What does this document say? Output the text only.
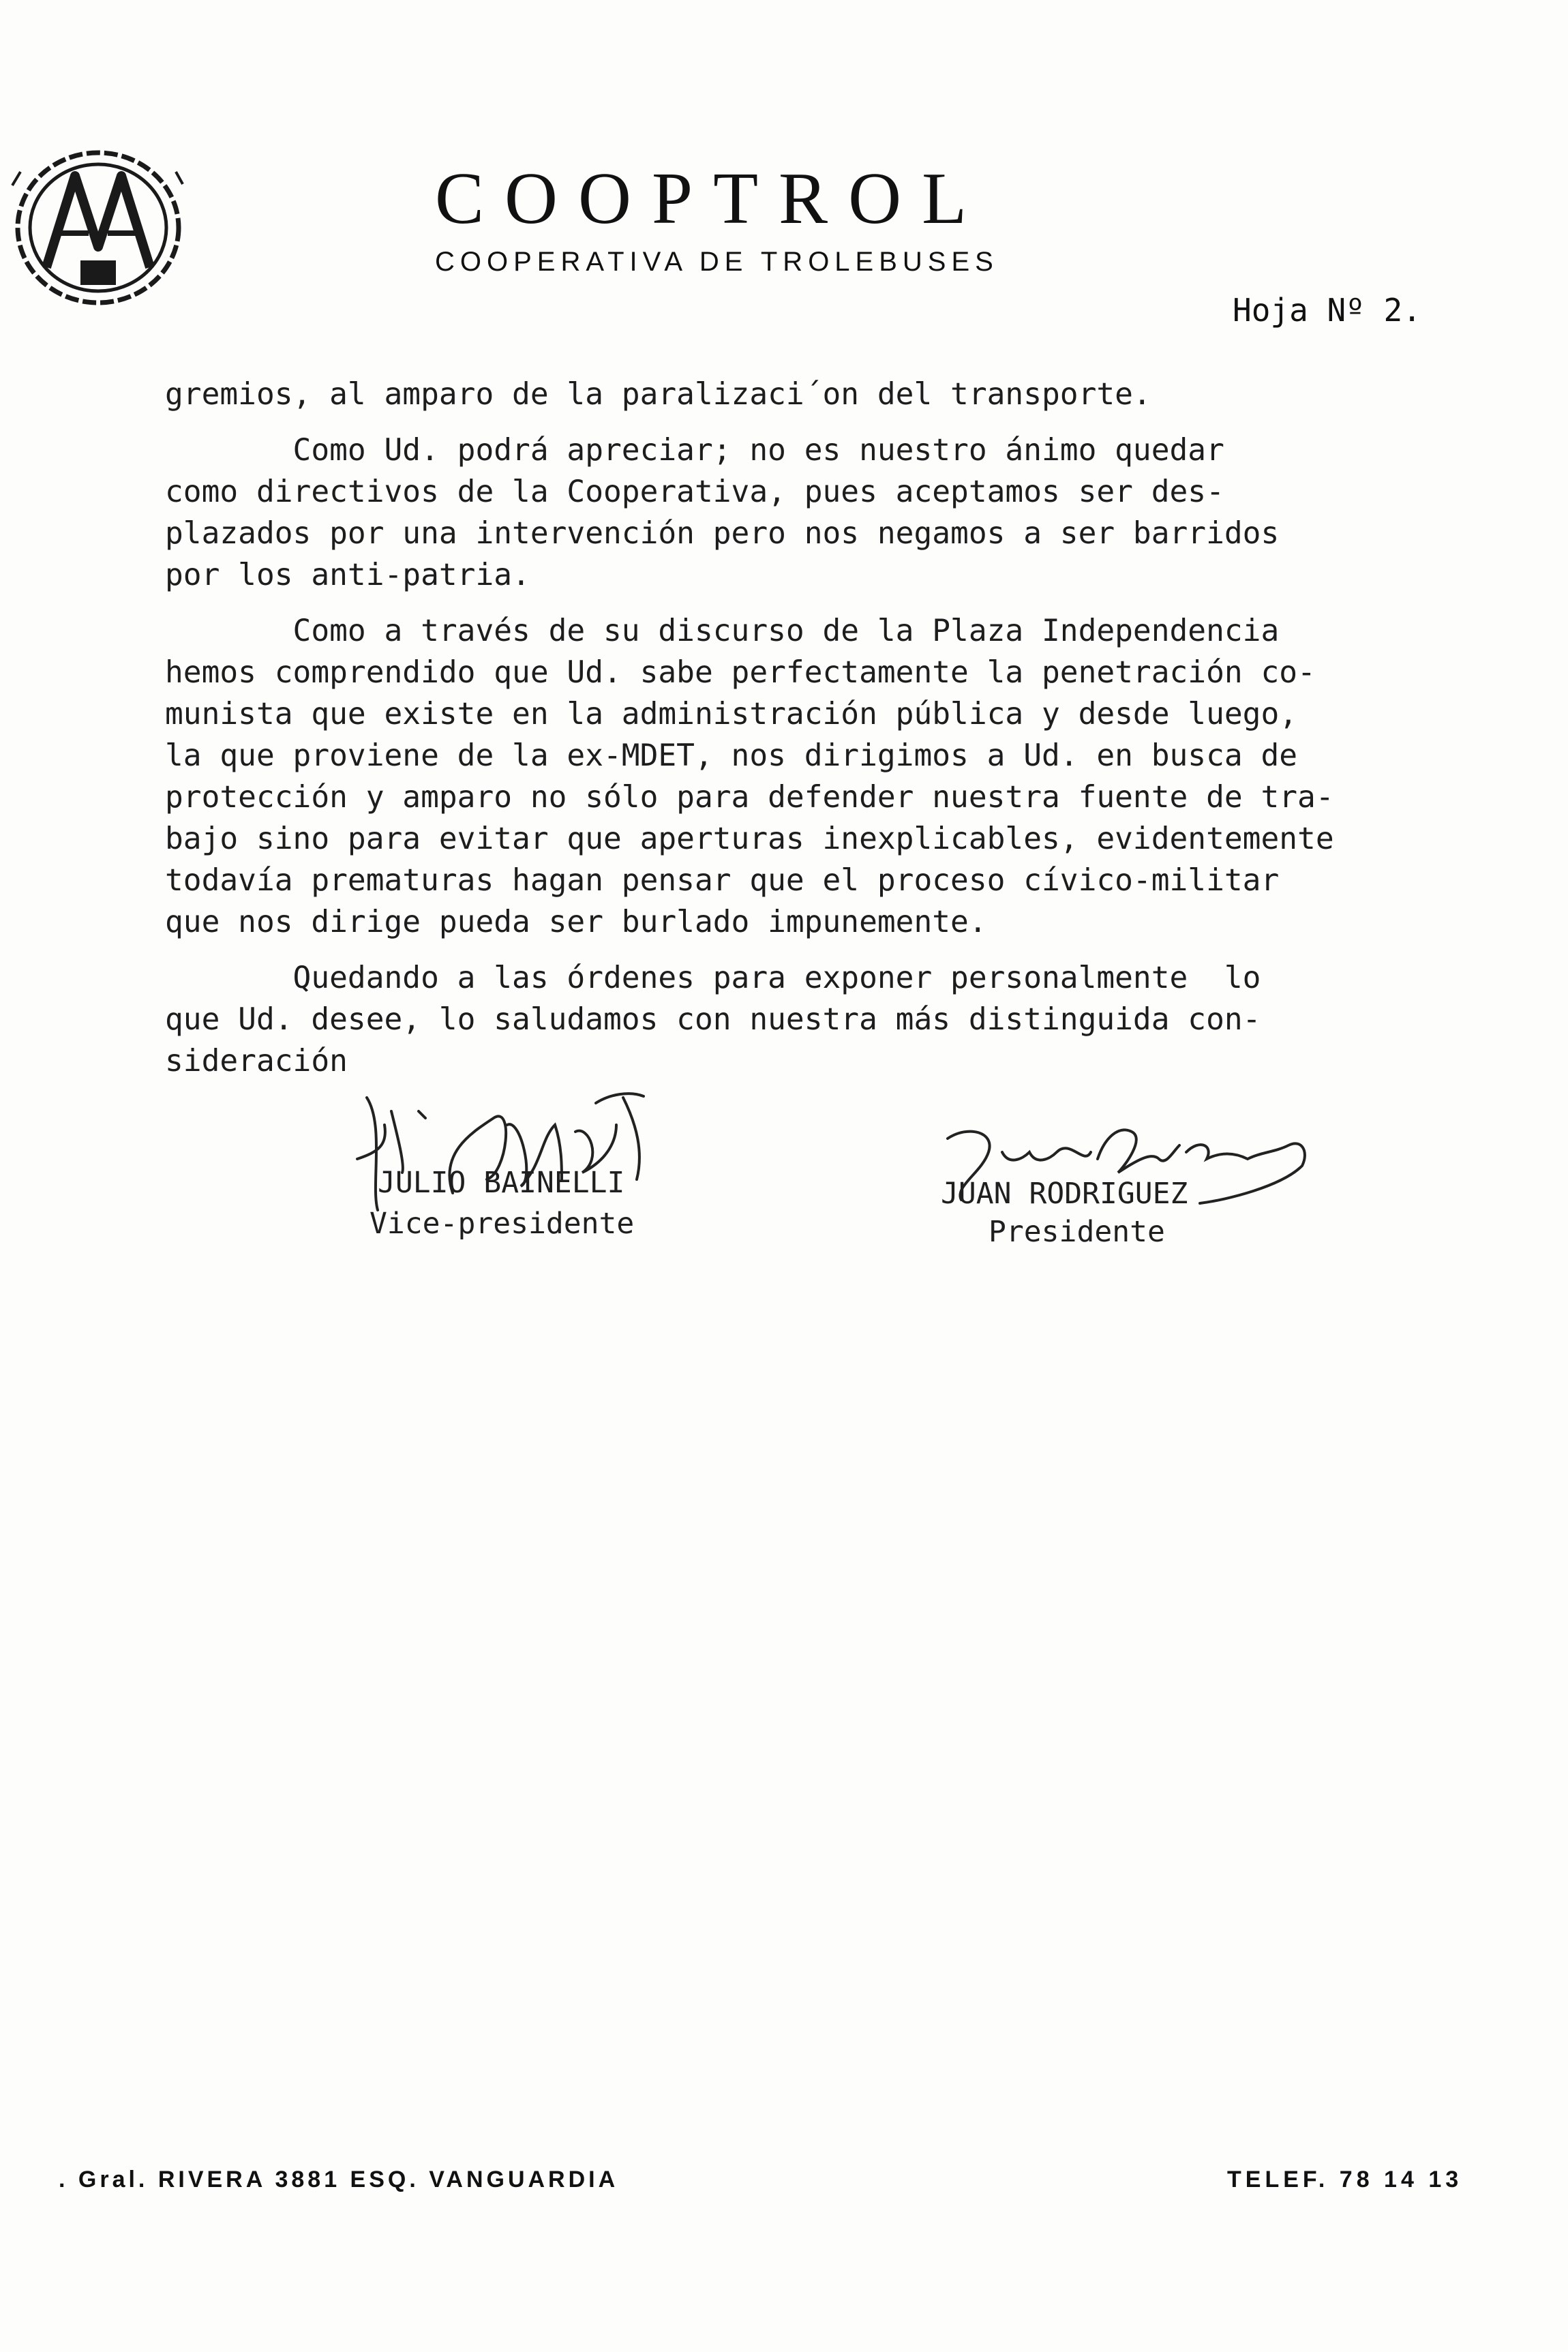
COOPTROL
COOPERATIVA DE TROLEBUSES
Hoja Nº 2.

gremios, al amparo de la paralizaci´on del transporte.

Como Ud. podrá apreciar; no es nuestro ánimo quedar
como directivos de la Cooperativa, pues aceptamos ser des-
plazados por una intervención pero nos negamos a ser barridos
por los anti-patria.

Como a través de su discurso de la Plaza Independencia
hemos comprendido que Ud. sabe perfectamente la penetración co-
munista que existe en la administración pública y desde luego,
la que proviene de la ex-MDET, nos dirigimos a Ud. en busca de
protección y amparo no sólo para defender nuestra fuente de tra-
bajo sino para evitar que aperturas inexplicables, evidentemente
todavía prematuras hagan pensar que el proceso cívico-militar
que nos dirige pueda ser burlado impunemente.

Quedando a las órdenes para exponer personalmente  lo
que Ud. desee, lo saludamos con nuestra más distinguida con-
sideración

JULIO BAINELLI
Vice-presidente
JUAN RODRIGUEZ
Presidente
. Gral. RIVERA 3881 ESQ. VANGUARDIA	TELEF. 78 14 13
